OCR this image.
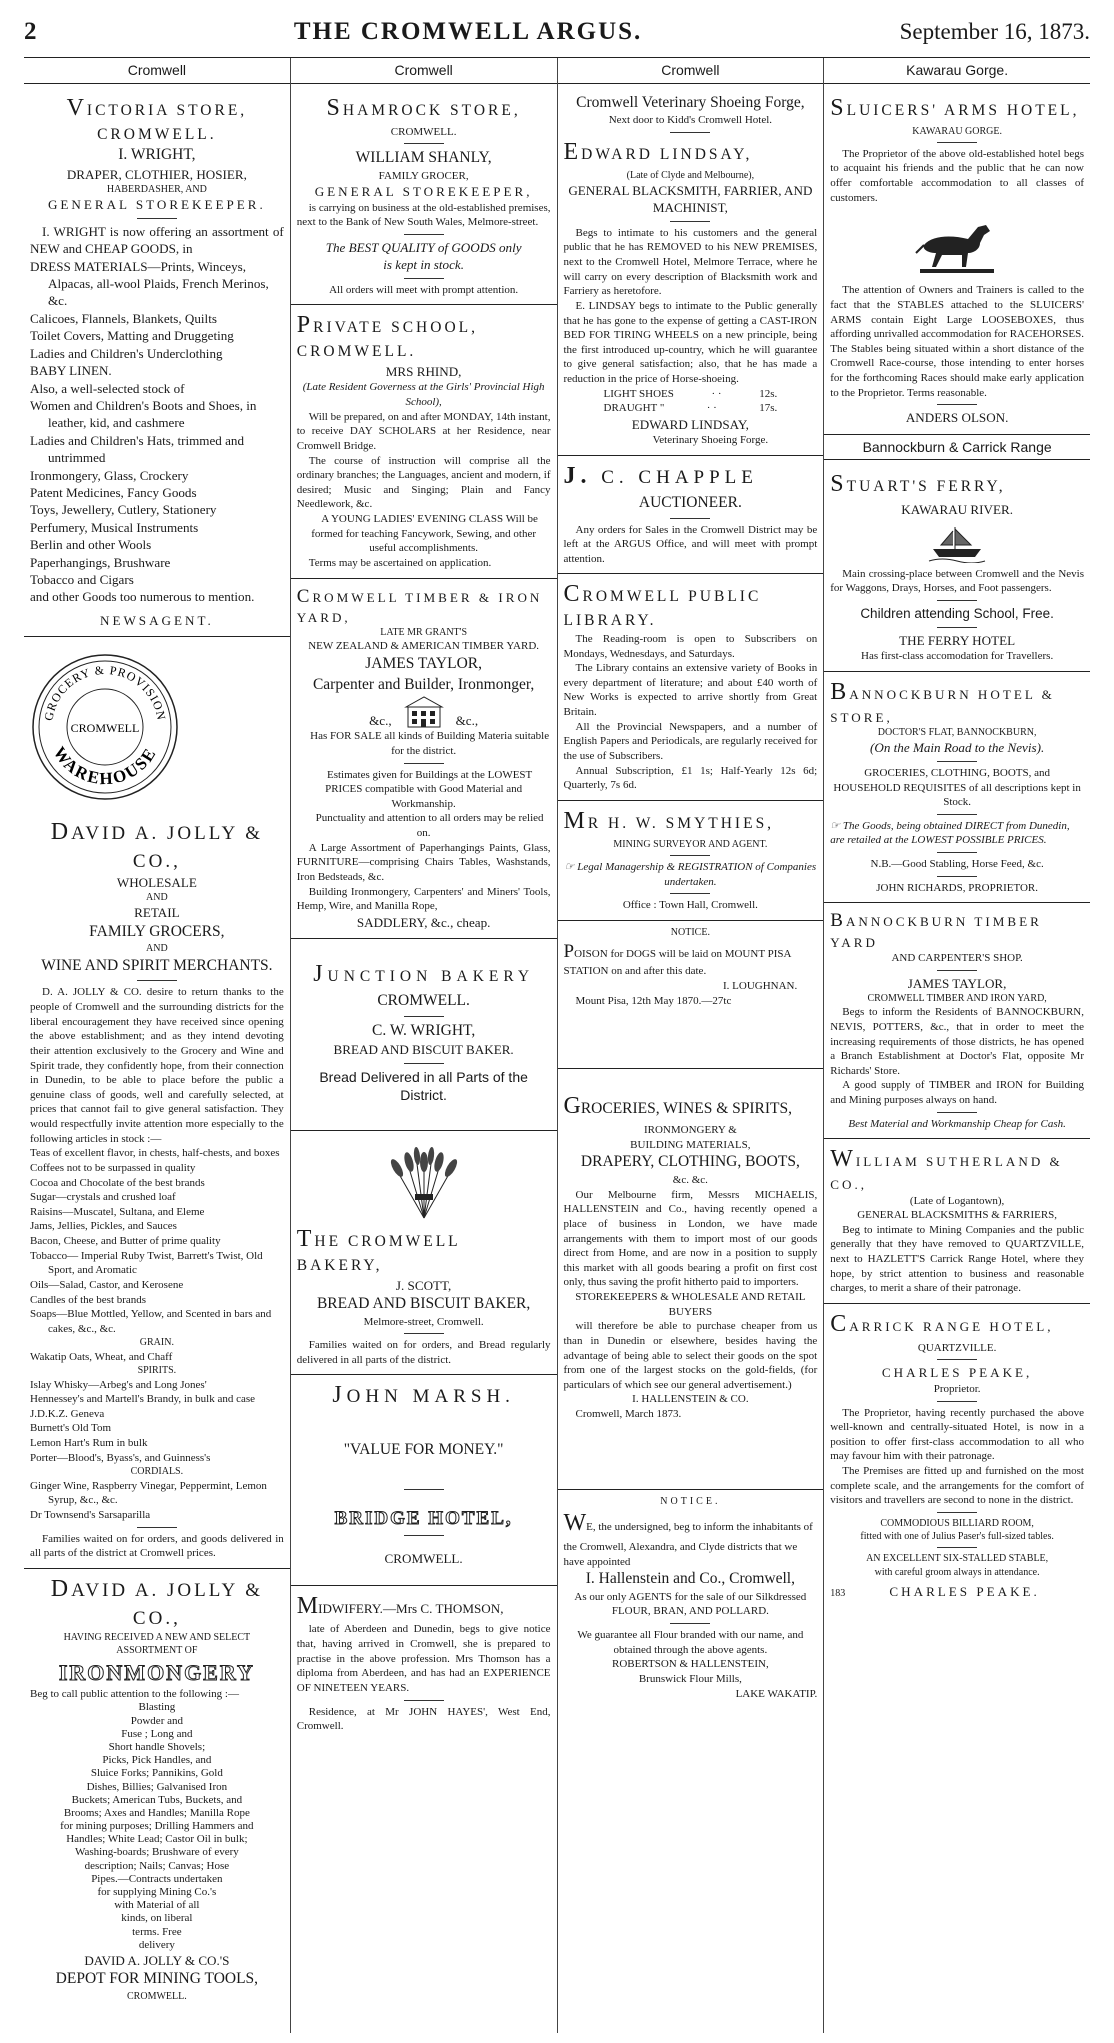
2	THE CROMWELL ARGUS.	September 16, 1873.
Cromwell
VICTORIA STORE, CROMWELL.
I. WRIGHT,
DRAPER, CLOTHIER, HOSIER,
HABERDASHER, AND
GENERAL STOREKEEPER.

I. WRIGHT is now offering an assortment of NEW and CHEAP GOODS, in

DRESS MATERIALS—Prints, Winceys, Alpacas, all-wool Plaids, French Merinos, &c.
Calicoes, Flannels, Blankets, Quilts
Toilet Covers, Matting and Druggeting
Ladies and Children's Underclothing
BABY LINEN.
Also, a well-selected stock of
Women and Children's Boots and Shoes, in leather, kid, and cashmere
Ladies and Children's Hats, trimmed and untrimmed
Ironmongery, Glass, Crockery
Patent Medicines, Fancy Goods
Toys, Jewellery, Cutlery, Stationery
Perfumery, Musical Instruments
Berlin and other Wools
Paperhangings, Brushware
Tobacco and Cigars
and other Goods too numerous to mention.
NEWSAGENT.
GROCERY & PROVISION
WAREHOUSE
CROMWELL
DAVID A. JOLLY & CO.,
WHOLESALE
AND
RETAIL
FAMILY GROCERS,
AND
WINE AND SPIRIT MERCHANTS.

D. A. JOLLY & CO. desire to return thanks to the people of Cromwell and the surrounding districts for the liberal encouragement they have received since opening the above establishment; and as they intend devoting their attention exclusively to the Grocery and Wine and Spirit trade, they confidently hope, from their connection in Dunedin, to be able to place before the public a genuine class of goods, well and carefully selected, at prices that cannot fail to give general satisfaction. They would respectfully invite attention more especially to the following articles in stock :—

Teas of excellent flavor, in chests, half-chests, and boxes
Coffees not to be surpassed in quality
Cocoa and Chocolate of the best brands
Sugar—crystals and crushed loaf
Raisins—Muscatel, Sultana, and Eleme
Jams, Jellies, Pickles, and Sauces
Bacon, Cheese, and Butter of prime quality
Tobacco— Imperial Ruby Twist, Barrett's Twist, Old Sport, and Aromatic
Oils—Salad, Castor, and Kerosene
Candles of the best brands
Soaps—Blue Mottled, Yellow, and Scented in bars and cakes, &c., &c.
GRAIN.
Wakatip Oats, Wheat, and Chaff
SPIRITS.
Islay Whisky—Arbeg's and Long Jones'
Hennessey's and Martell's Brandy, in bulk and case
J.D.K.Z. Geneva
Burnett's Old Tom
Lemon Hart's Rum in bulk
Porter—Blood's, Byass's, and Guinness's
CORDIALS.
Ginger Wine, Raspberry Vinegar, Peppermint, Lemon Syrup, &c., &c.
Dr Townsend's Sarsaparilla

Families waited on for orders, and goods delivered in all parts of the district at Cromwell prices.

DAVID A. JOLLY & CO.,
HAVING RECEIVED A NEW AND SELECT
ASSORTMENT OF
IRONMONGERY
Beg to call public attention to the following :—
Blasting
Powder and
Fuse ; Long and
Short handle Shovels;
Picks, Pick Handles, and
Sluice Forks; Pannikins, Gold
Dishes, Billies; Galvanised Iron
Buckets; American Tubs, Buckets, and
Brooms; Axes and Handles; Manilla Rope
for mining purposes; Drilling Hammers and
Handles; White Lead; Castor Oil in bulk;
Washing-boards; Brushware of every
description; Nails; Canvas; Hose
Pipes.—Contracts undertaken
for supplying Mining Co.'s
with Material of all
kinds, on liberal
terms. Free
delivery
DAVID A. JOLLY & CO.'S
DEPOT FOR MINING TOOLS,
CROMWELL.
Cromwell
SHAMROCK STORE,
CROMWELL.
WILLIAM SHANLY,
FAMILY GROCER,
GENERAL STOREKEEPER,

is carrying on business at the old-established premises, next to the Bank of New South Wales, Melmore-street.

The BEST QUALITY of GOODS only
is kept in stock.
All orders will meet with prompt attention.
PRIVATE SCHOOL, CROMWELL.
MRS RHIND,
(Late Resident Governess at the Girls' Provincial High School),

Will be prepared, on and after MONDAY, 14th instant, to receive DAY SCHOLARS at her Residence, near Cromwell Bridge.

The course of instruction will comprise all the ordinary branches; the Languages, ancient and modern, if desired; Music and Singing; Plain and Fancy Needlework, &c.

A YOUNG LADIES' EVENING CLASS Will be formed for teaching Fancywork, Sewing, and other useful accomplishments.

Terms may be ascertained on application.

CROMWELL TIMBER & IRON YARD,
LATE MR GRANT'S
NEW ZEALAND & AMERICAN TIMBER YARD.
JAMES TAYLOR,
Carpenter and Builder, Ironmonger,
&c.,	&c.,

Has FOR SALE all kinds of Building Materia suitable for the district.

Estimates given for Buildings at the LOWEST PRICES compatible with Good Material and Workmanship.

Punctuality and attention to all orders may be relied on.

A Large Assortment of Paperhangings Paints, Glass, FURNITURE—comprising Chairs Tables, Washstands, Iron Bedsteads, &c.

Building Ironmongery, Carpenters' and Miners' Tools, Hemp, Wire, and Manilla Rope,

SADDLERY, &c., cheap.
JUNCTION BAKERY
CROMWELL.
C. W. WRIGHT,
BREAD AND BISCUIT BAKER.
Bread Delivered in all Parts of the District.
THE CROMWELL BAKERY,
J. SCOTT,
BREAD AND BISCUIT BAKER,
Melmore-street, Cromwell.

Families waited on for orders, and Bread regularly delivered in all parts of the district.

JOHN MARSH.
"VALUE FOR MONEY."
BRIDGE HOTEL,
CROMWELL.
MIDWIFERY.—Mrs C. THOMSON,

late of Aberdeen and Dunedin, begs to give notice that, having arrived in Cromwell, she is prepared to practise in the above profession. Mrs Thomson has a diploma from Aberdeen, and has had an EXPERIENCE OF NINETEEN YEARS.

Residence, at Mr JOHN HAYES', West End, Cromwell.

Cromwell
Cromwell Veterinary Shoeing Forge,
Next door to Kidd's Cromwell Hotel.
EDWARD LINDSAY,
(Late of Clyde and Melbourne),
GENERAL BLACKSMITH, FARRIER, AND MACHINIST,

Begs to intimate to his customers and the general public that he has REMOVED to his NEW PREMISES, next to the Cromwell Hotel, Melmore Terrace, where he will carry on every description of Blacksmith work and Farriery as heretofore.

E. LINDSAY begs to intimate to the Public generally that he has gone to the expense of getting a CAST-IRON BED FOR TIRING WHEELS on a new principle, being the first introduced up-country, which he will guarantee to give general satisfaction; also, that he has made a reduction in the price of Horse-shoeing.

LIGHT SHOES	· ·	12s.
DRAUGHT "	· ·	17s.
EDWARD LINDSAY,
Veterinary Shoeing Forge.
J. C. CHAPPLE
AUCTIONEER.

Any orders for Sales in the Cromwell District may be left at the ARGUS Office, and will meet with prompt attention.

CROMWELL PUBLIC LIBRARY.

The Reading-room is open to Subscribers on Mondays, Wednesdays, and Saturdays.

The Library contains an extensive variety of Books in every department of literature; and about £40 worth of New Works is expected to arrive shortly from Great Britain.

All the Provincial Newspapers, and a number of English Papers and Periodicals, are regularly received for the use of Subscribers.

Annual Subscription, £1 1s; Half-Yearly 12s 6d; Quarterly, 7s 6d.

MR H. W. SMYTHIES,
MINING SURVEYOR AND AGENT.
☞ Legal Managership & REGISTRATION of Companies undertaken.
Office : Town Hall, Cromwell.
NOTICE.
POISON for DOGS will be laid on MOUNT PISA STATION on and after this date.
I. LOUGHNAN.
Mount Pisa, 12th May 1870.—27tc
GROCERIES, WINES & SPIRITS,
IRONMONGERY &
BUILDING MATERIALS,
DRAPERY, CLOTHING, BOOTS,
&c. &c.

Our Melbourne firm, Messrs MICHAELIS, HALLENSTEIN and Co., having recently opened a place of business in London, we have made arrangements with them to import most of our goods direct from Home, and are now in a position to supply this market with all goods bearing a profit on first cost only, thus saving the profit hitherto paid to importers.

STOREKEEPERS & WHOLESALE AND RETAIL BUYERS

will therefore be able to purchase cheaper from us than in Dunedin or elsewhere, besides having the advantage of being able to select their goods on the spot from one of the largest stocks on the gold-fields, (for particulars of which see our general advertisement.)

I. HALLENSTEIN & CO.
Cromwell, March 1873.
NOTICE.
WE, the undersigned, beg to inform the inhabitants of the Cromwell, Alexandra, and Clyde districts that we have appointed
I. Hallenstein and Co., Cromwell,
As our only AGENTS for the sale of our Silkdressed
FLOUR, BRAN, AND POLLARD.
We guarantee all Flour branded with our name, and obtained through the above agents.
ROBERTSON & HALLENSTEIN,
Brunswick Flour Mills,
LAKE WAKATIP.
Kawarau Gorge.
SLUICERS' ARMS HOTEL,
KAWARAU GORGE.

The Proprietor of the above old-established hotel begs to acquaint his friends and the public that he can now offer comfortable accommodation to all classes of customers.

The attention of Owners and Trainers is called to the fact that the STABLES attached to the SLUICERS' ARMS contain Eight Large LOOSEBOXES, thus affording unrivalled accommodation for RACEHORSES. The Stables being situated within a short distance of the Cromwell Race-course, those intending to enter horses for the forthcoming Races should make early application to the Proprietor. Terms reasonable.

ANDERS OLSON.
Bannockburn & Carrick Range
STUART'S FERRY,
KAWARAU RIVER.

Main crossing-place between Cromwell and the Nevis for Waggons, Drays, Horses, and Foot passengers.

Children attending School, Free.
THE FERRY HOTEL
Has first-class accomodation for Travellers.
BANNOCKBURN HOTEL & STORE,
DOCTOR'S FLAT, BANNOCKBURN,
(On the Main Road to the Nevis).
GROCERIES, CLOTHING, BOOTS, and HOUSEHOLD REQUISITES of all descriptions kept in Stock.
☞ The Goods, being obtained DIRECT from Dunedin, are retailed at the LOWEST POSSIBLE PRICES.
N.B.—Good Stabling, Horse Feed, &c.
JOHN RICHARDS, PROPRIETOR.
BANNOCKBURN TIMBER YARD
AND CARPENTER'S SHOP.
JAMES TAYLOR,
CROMWELL TIMBER AND IRON YARD,

Begs to inform the Residents of BANNOCKBURN, NEVIS, POTTERS, &c., that in order to meet the increasing requirements of those districts, he has opened a Branch Establishment at Doctor's Flat, opposite Mr Richards' Store.

A good supply of TIMBER and IRON for Building and Mining purposes always on hand.

Best Material and Workmanship Cheap for Cash.
WILLIAM SUTHERLAND & CO.,
(Late of Logantown),
GENERAL BLACKSMITHS & FARRIERS,

Beg to intimate to Mining Companies and the public generally that they have removed to QUARTZVILLE, next to HAZLETT'S Carrick Range Hotel, where they hope, by strict attention to business and reasonable charges, to merit a share of their patronage.

CARRICK RANGE HOTEL,
QUARTZVILLE.
CHARLES PEAKE,
Proprietor.

The Proprietor, having recently purchased the above well-known and centrally-situated Hotel, is now in a position to offer first-class accommodation to all who may favour him with their patronage.

The Premises are fitted up and furnished on the most complete scale, and the arrangements for the comfort of visitors and travellers are second to none in the district.

COMMODIOUS BILLIARD ROOM,
fitted with one of Julius Paser's full-sized tables.
AN EXCELLENT SIX-STALLED STABLE,
with careful groom always in attendance.
183	CHARLES PEAKE.
